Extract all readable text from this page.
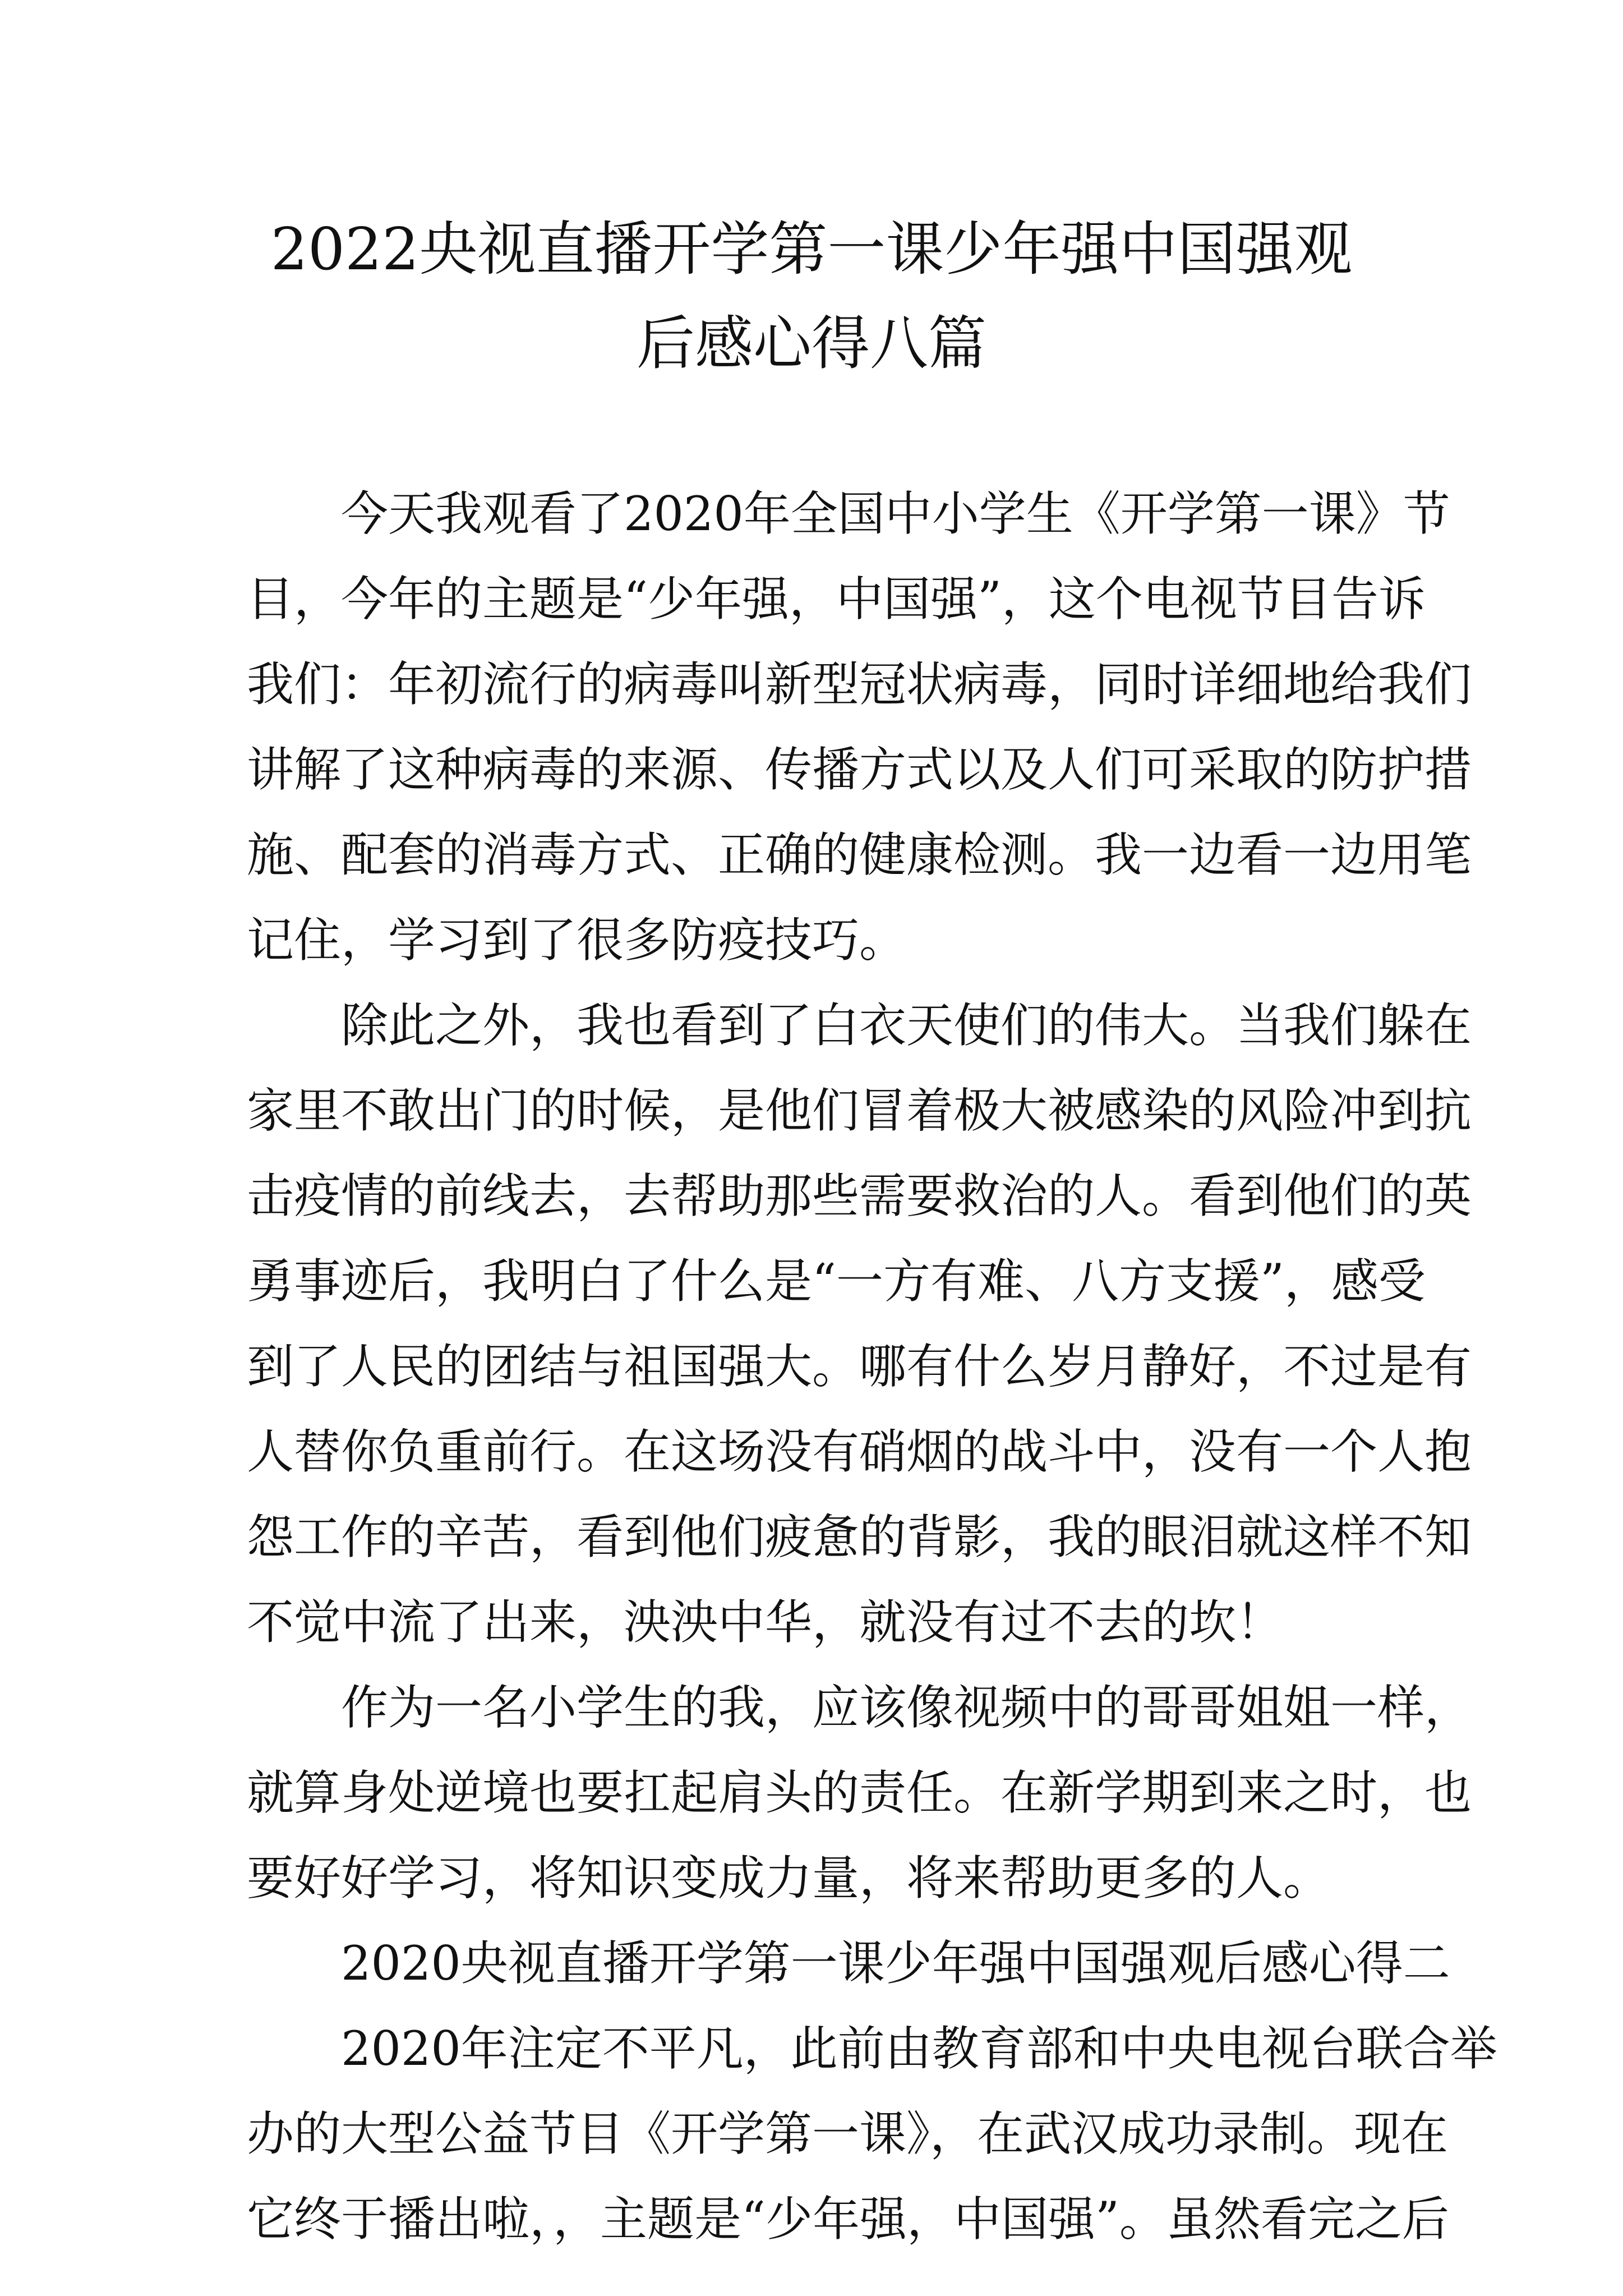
2022央视直播开学第一课少年强中国强观
后感心得八篇
今天我观看了2020年全国中小学生《开学第一课》节
目，今年的主题是“少年强，中国强”，这个电视节目告诉
我们：年初流行的病毒叫新型冠状病毒，同时详细地给我们
讲解了这种病毒的来源、传播方式以及人们可采取的防护措
施、配套的消毒方式、正确的健康检测。我一边看一边用笔
记住，学习到了很多防疫技巧。
除此之外，我也看到了白衣天使们的伟大。当我们躲在
家里不敢出门的时候，是他们冒着极大被感染的风险冲到抗
击疫情的前线去，去帮助那些需要救治的人。看到他们的英
勇事迹后，我明白了什么是“一方有难、八方支援”，感受
到了人民的团结与祖国强大。哪有什么岁月静好，不过是有
人替你负重前行。在这场没有硝烟的战斗中，没有一个人抱
怨工作的辛苦，看到他们疲惫的背影，我的眼泪就这样不知
不觉中流了出来，泱泱中华，就没有过不去的坎！
作为一名小学生的我，应该像视频中的哥哥姐姐一样，
就算身处逆境也要扛起肩头的责任。在新学期到来之时，也
要好好学习，将知识变成力量，将来帮助更多的人。
2020央视直播开学第一课少年强中国强观后感心得二
2020年注定不平凡，此前由教育部和中央电视台联合举
办的大型公益节目《开学第一课》，在武汉成功录制。现在
它终于播出啦，，主题是“少年强，中国强”。虽然看完之后
